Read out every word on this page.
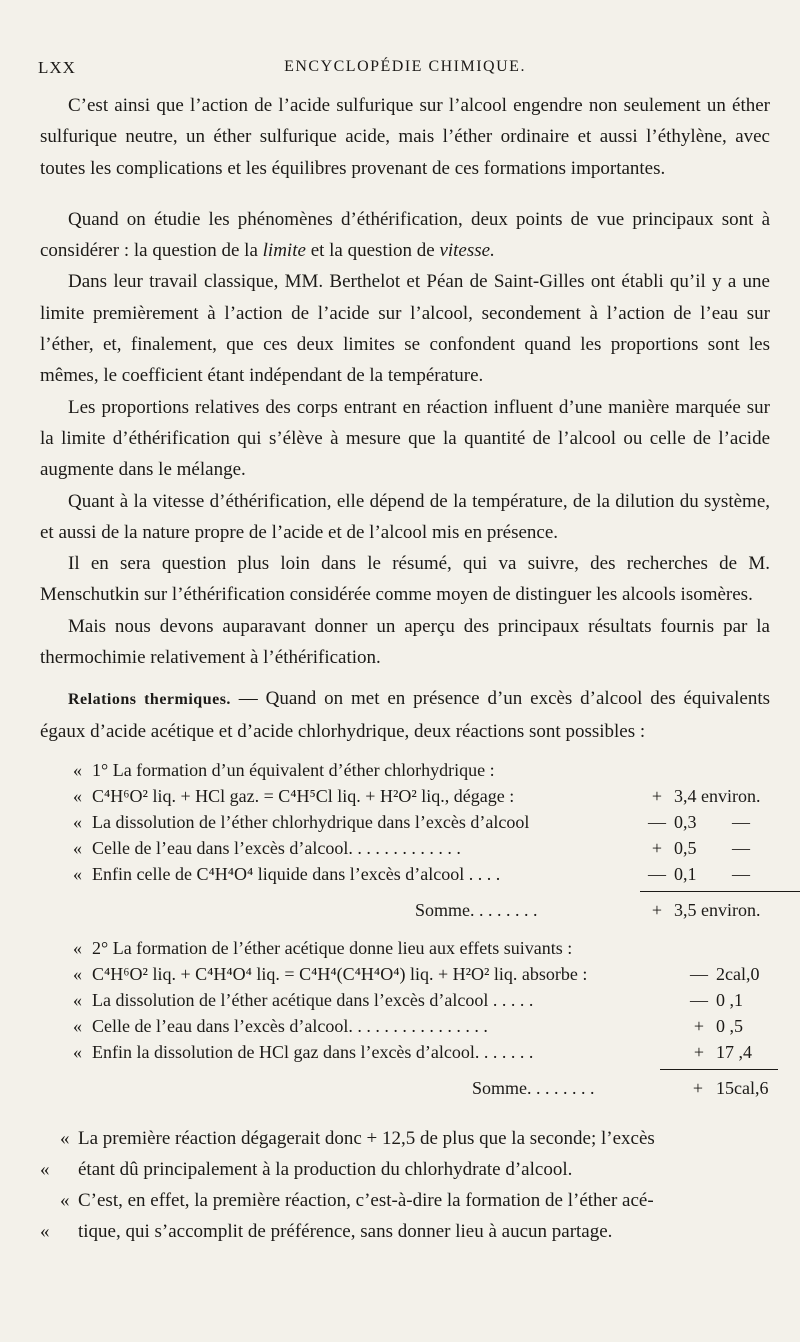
LXX	ENCYCLOPÉDIE CHIMIQUE.

C’est ainsi que l’action de l’acide sulfurique sur l’alcool engendre non seulement un éther sulfurique neutre, un éther sulfurique acide, mais l’éther ordinaire et aussi l’éthylène, avec toutes les complications et les équilibres provenant de ces formations importantes.

Quand on étudie les phénomènes d’éthérification, deux points de vue principaux sont à considérer : la question de la limite et la question de vitesse.

Dans leur travail classique, MM. Berthelot et Péan de Saint-Gilles ont établi qu’il y a une limite premièrement à l’action de l’acide sur l’alcool, secondement à l’action de l’eau sur l’éther, et, finalement, que ces deux limites se confondent quand les proportions sont les mêmes, le coefficient étant indépendant de la température.

Les proportions relatives des corps entrant en réaction influent d’une manière marquée sur la limite d’éthérification qui s’élève à mesure que la quantité de l’alcool ou celle de l’acide augmente dans le mélange.

Quant à la vitesse d’éthérification, elle dépend de la température, de la dilution du système, et aussi de la nature propre de l’acide et de l’alcool mis en présence.

Il en sera question plus loin dans le résumé, qui va suivre, des recherches de M. Menschutkin sur l’éthérification considérée comme moyen de distinguer les alcools isomères.

Mais nous devons auparavant donner un aperçu des principaux résultats fournis par la thermochimie relativement à l’éthérification.

Relations thermiques. — Quand on met en présence d’un excès d’alcool des équivalents égaux d’acide acétique et d’acide chlorhydrique, deux réactions sont possibles :

« 1° La formation d’un équivalent d’éther chlorhydrique :
« C⁴H⁶O² liq. + HCl gaz. = C⁴H⁵Cl liq. + H²O² liq., dégage :	+ 3,4 environ.
« La dissolution de l’éther chlorhydrique dans l’excès d’alcool	— 0,3 —
« Celle de l’eau dans l’excès d’alcool. . . . . . . . . . . . .	+ 0,5 —
« Enfin celle de C⁴H⁴O⁴ liquide dans l’excès d’alcool . . . .	— 0,1 —
Somme. . . . . . . .	+ 3,5 environ.
« 2° La formation de l’éther acétique donne lieu aux effets suivants :
« C⁴H⁶O² liq. + C⁴H⁴O⁴ liq. = C⁴H⁴(C⁴H⁴O⁴) liq. + H²O² liq. absorbe :	— 2cal,0
« La dissolution de l’éther acétique dans l’excès d’alcool . . . . .	— 0 ,1
« Celle de l’eau dans l’excès d’alcool. . . . . . . . . . . . . . . .	+ 0 ,5
« Enfin la dissolution de HCl gaz dans l’excès d’alcool. . . . . . .	+ 17 ,4
Somme. . . . . . . .	+ 15cal,6

« La première réaction dégagerait donc + 12,5 de plus que la seconde; l’excès

« étant dû principalement à la production du chlorhydrate d’alcool.

« C’est, en effet, la première réaction, c’est-à-dire la formation de l’éther acé-

« tique, qui s’accomplit de préférence, sans donner lieu à aucun partage.
